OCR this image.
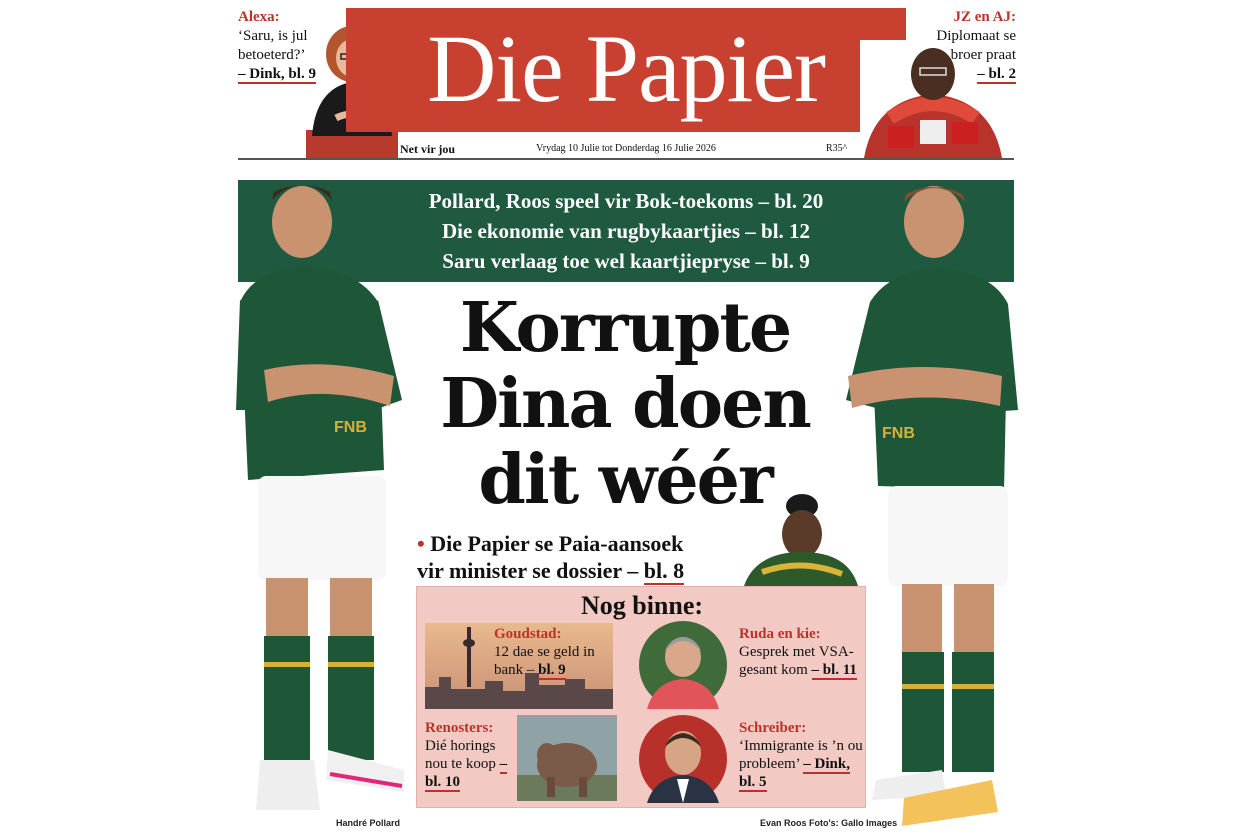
Alexa:
‘Saru, is jul betoeterd?’
– Dink, bl. 9	Die Papier	JZ en AJ:
Diplomaat se broer praat
– bl. 2
Net vir jou	Vrydag 10 Julie tot Donderdag 16 Julie 2026	R35^
Pollard, Roos speel vir Bok-toekoms – bl. 20
Die ekonomie van rugbykaartjies – bl. 12
Saru verlaag toe wel kaartjiepryse – bl. 9
FNB	FNB
Korrupte
Dina doen
dit wéér
• Die Papier se Paia-aansoek
vir minister se dossier – bl. 8
Nog binne:
Goudstad:
12 dae se geld in bank – bl. 9
Renosters:
Dié horings nou te koop – bl. 10
Ruda en kie:
Gesprek met VSA-gesant kom – bl. 11
Schreiber:
‘Immigrante is ’n ou probleem’ – Dink, bl. 5
Handré Pollard	Evan Roos Foto's: Gallo Images
